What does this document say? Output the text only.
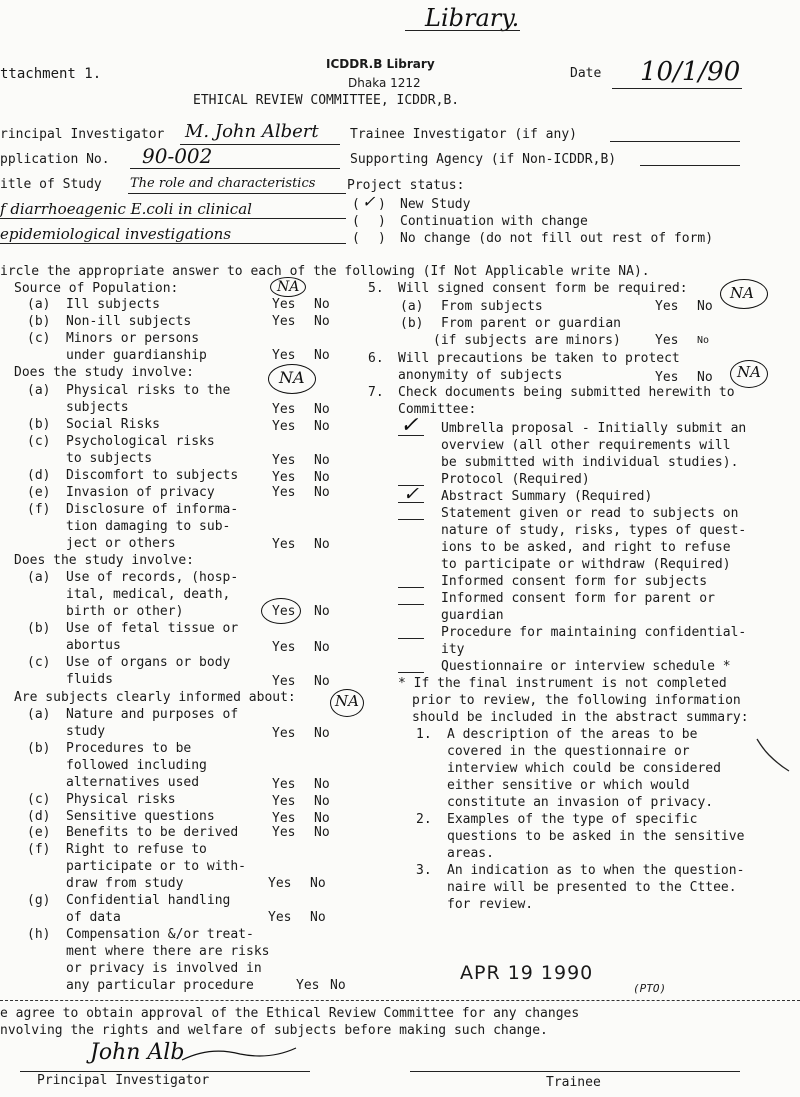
Library.
ttachment 1.
ICDDR.B Library
Dhaka 1212
ETHICAL REVIEW COMMITTEE, ICDDR,B.
Date 10/1/90
rincipal Investigator M. John Albert Trainee Investigator (if any)
pplication No. 90-002	Supporting Agency (if Non-ICDDR,B)
itle of Study The role and characteristics
f diarrhoeagenic E.coli in clinical
epidemiological investigations
Project status:
( ✓ ) New Study
( ) Continuation with change
( ) No change (do not fill out rest of form)
ircle the appropriate answer to each of the following (If Not Applicable write NA).
Source of Population:	NA
(a) Ill subjects	Yes No
(b) Non-ill subjects	Yes No
(c) Minors or persons
under guardianship	Yes No
Does the study involve:	NA
(a) Physical risks to the
subjects	Yes No
(b) Social Risks	Yes No
(c) Psychological risks
to subjects	Yes No
(d) Discomfort to subjects	Yes No
(e) Invasion of privacy	Yes No
(f) Disclosure of informa-
tion damaging to sub-
ject or others	Yes No
Does the study involve:
(a) Use of records, (hosp-
ital, medical, death,
birth or other)	Yes No
(b) Use of fetal tissue or
abortus	Yes No
(c) Use of organs or body
fluids	Yes No
Are subjects clearly informed about:	NA
(a) Nature and purposes of
study	Yes No
(b) Procedures to be
followed including
alternatives used	Yes No
(c) Physical risks	Yes No
(d) Sensitive questions	Yes No
(e) Benefits to be derived	Yes No
(f) Right to refuse to
participate or to with-
draw from study	Yes No
(g) Confidential handling
of data	Yes No
(h) Compensation &/or treat-
ment where there are risks
or privacy is involved in
any particular procedure	Yes No
5. Will signed consent form be required:	NA
(a) From subjects	Yes No
(b) From parent or guardian
(if subjects are minors)	Yes No
6. Will precautions be taken to protect
anonymity of subjects	Yes No NA
7. Check documents being submitted herewith to
Committee:
✓ Umbrella proposal - Initially submit an
overview (all other requirements will
be submitted with individual studies).
Protocol (Required)
✓ Abstract Summary (Required)
Statement given or read to subjects on
nature of study, risks, types of quest-
ions to be asked, and right to refuse
to participate or withdraw (Required)
Informed consent form for subjects
Informed consent form for parent or
guardian
Procedure for maintaining confidential-
ity
Questionnaire or interview schedule *
* If the final instrument is not completed
prior to review, the following information
should be included in the abstract summary:
1. A description of the areas to be
covered in the questionnaire or
interview which could be considered
either sensitive or which would
constitute an invasion of privacy.
2. Examples of the type of specific
questions to be asked in the sensitive
areas.
3. An indication as to when the question-
naire will be presented to the Cttee.
for review.
APR 19 1990
(PTO)
e agree to obtain approval of the Ethical Review Committee for any changes
nvolving the rights and welfare of subjects before making such change.
John Alb
Principal Investigator	Trainee
